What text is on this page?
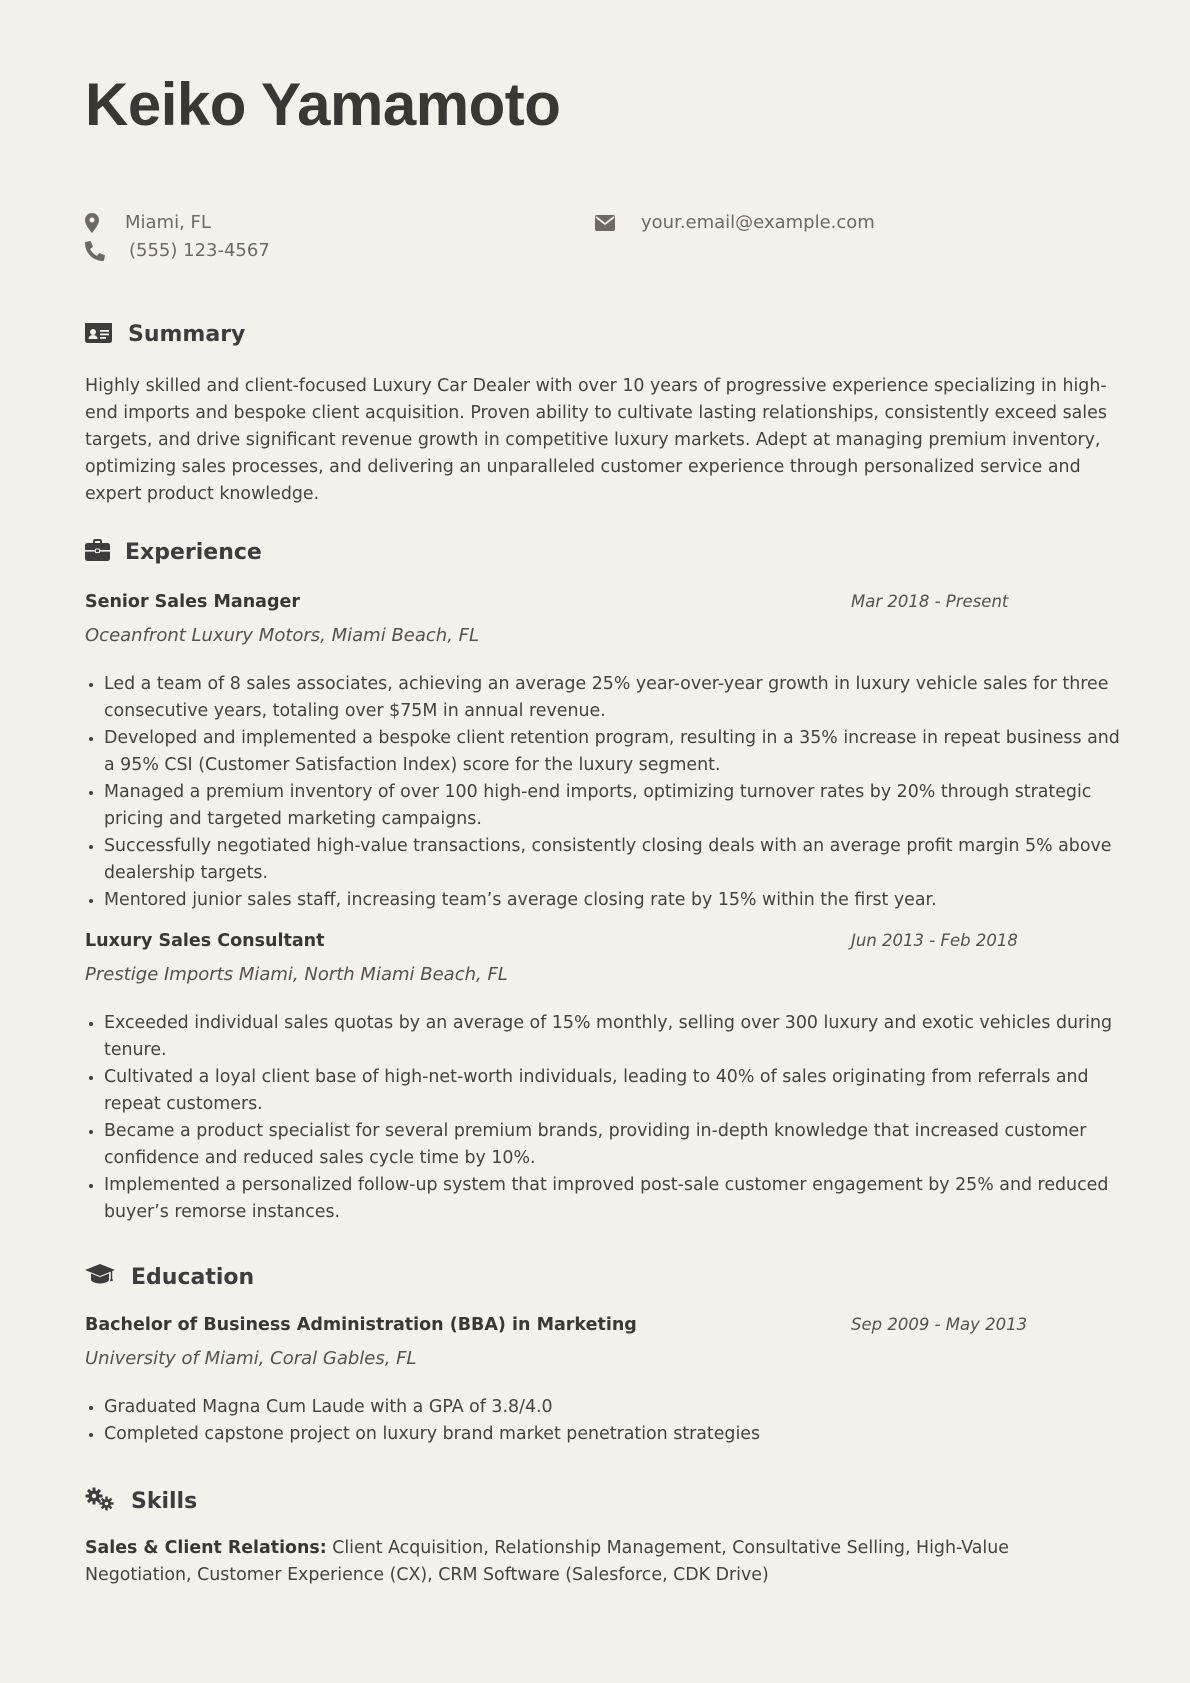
Keiko Yamamoto
Miami, FL
(555) 123-4567
your.email@example.com
Summary

Highly skilled and client-focused Luxury Car Dealer with over 10 years of progressive experience specializing in high-end imports and bespoke client acquisition. Proven ability to cultivate lasting relationships, consistently exceed sales targets, and drive significant revenue growth in competitive luxury markets. Adept at managing premium inventory, optimizing sales processes, and delivering an unparalleled customer experience through personalized service and expert product knowledge.

Experience

Senior Sales Manager	Mar 2018 - Present

Oceanfront Luxury Motors, Miami Beach, FL

• Led a team of 8 sales associates, achieving an average 25% year-over-year growth in luxury vehicle sales for three consecutive years, totaling over $75M in annual revenue.
• Developed and implemented a bespoke client retention program, resulting in a 35% increase in repeat business and a 95% CSI (Customer Satisfaction Index) score for the luxury segment.
• Managed a premium inventory of over 100 high-end imports, optimizing turnover rates by 20% through strategic pricing and targeted marketing campaigns.
• Successfully negotiated high-value transactions, consistently closing deals with an average profit margin 5% above dealership targets.
• Mentored junior sales staff, increasing team’s average closing rate by 15% within the first year.

Luxury Sales Consultant	Jun 2013 - Feb 2018

Prestige Imports Miami, North Miami Beach, FL

• Exceeded individual sales quotas by an average of 15% monthly, selling over 300 luxury and exotic vehicles during tenure.
• Cultivated a loyal client base of high-net-worth individuals, leading to 40% of sales originating from referrals and repeat customers.
• Became a product specialist for several premium brands, providing in-depth knowledge that increased customer confidence and reduced sales cycle time by 10%.
• Implemented a personalized follow-up system that improved post-sale customer engagement by 25% and reduced buyer’s remorse instances.
Education

Bachelor of Business Administration (BBA) in Marketing	Sep 2009 - May 2013

University of Miami, Coral Gables, FL

• Graduated Magna Cum Laude with a GPA of 3.8/4.0
• Completed capstone project on luxury brand market penetration strategies
Skills

Sales & Client Relations: Client Acquisition, Relationship Management, Consultative Selling, High-Value Negotiation, Customer Experience (CX), CRM Software (Salesforce, CDK Drive)
